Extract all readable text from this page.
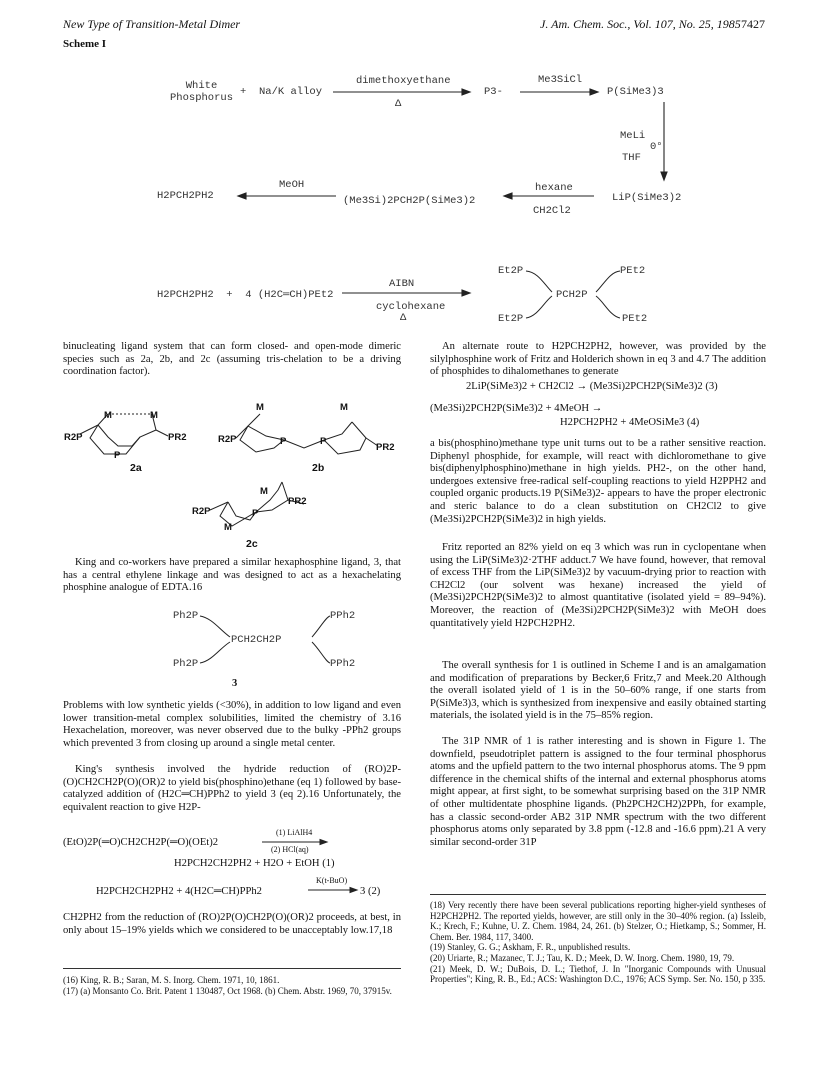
New Type of Transition-Metal Dimer	J. Am. Chem. Soc., Vol. 107, No. 25, 1985 7427
Scheme I
White
Phosphorus + Na/K alloy
dimethoxyethane
Δ
P3-
Me3SiCl
P(SiMe3)3
MeLi
0°
THF
H2PCH2PH2
MeOH
(Me3Si)2PCH2P(SiMe3)2
hexane
CH2Cl2
LiP(SiMe3)2
H2PCH2PH2  +  4 (H2C═CH)PEt2
AIBN
cyclohexane
Δ
Et2P
Et2P
PCH2P
PEt2
PEt2
binucleating ligand system that can form closed- and open-mode dimeric species such as 2a, 2b, and 2c (assuming tris-chelation to be a driving coordination factor).
R2P
M	M
PR2
P
R2P
M	M
P	P
PR2
R2P
M
PR2
M
P
2a	2b
2c
King and co-workers have prepared a similar hexaphosphine ligand, 3, that has a central ethylene linkage and was designed to act as a hexachelating phosphine analogue of EDTA.16
Ph2P
Ph2P
PCH2CH2P
PPh2
PPh2
3
Problems with low synthetic yields (<30%), in addition to low ligand and even lower transition-metal complex solubilities, limited the chemistry of 3.16 Hexachelation, moreover, was never observed due to the bulky -PPh2 groups which prevented 3 from closing up around a single metal center.
King's synthesis involved the hydride reduction of (RO)2P-(O)CH2CH2P(O)(OR)2 to yield bis(phosphino)ethane (eq 1) followed by base-catalyzed addition of (H2C═CH)PPh2 to yield 3 (eq 2).16 Unfortunately, the equivalent reaction to give H2P-
(EtO)2P(═O)CH2CH2P(═O)(OEt)2
(1) LiAlH4
(2) HCl(aq)
H2PCH2CH2PH2 + H2O + EtOH (1)
H2PCH2CH2PH2 + 4(H2C═CH)PPh2
K(t-BuO)
3 (2)
CH2PH2 from the reduction of (RO)2P(O)CH2P(O)(OR)2 proceeds, at best, in only about 15–19% yields which we considered to be unacceptably low.17,18

(16) King, R. B.; Saran, M. S. Inorg. Chem. 1971, 10, 1861.

(17) (a) Monsanto Co. Brit. Patent 1 130487, Oct 1968. (b) Chem. Abstr. 1969, 70, 37915v.

An alternate route to H2PCH2PH2, however, was provided by the silylphosphine work of Fritz and Holderich shown in eq 3 and 4.7 The addition of phosphides to dihalomethanes to generate
2LiP(SiMe3)2 + CH2Cl2 → (Me3Si)2PCH2P(SiMe3)2 (3)
(Me3Si)2PCH2P(SiMe3)2 + 4MeOH →
H2PCH2PH2 + 4MeOSiMe3 (4)
a bis(phosphino)methane type unit turns out to be a rather sensitive reaction. Diphenyl phosphide, for example, will react with dichloromethane to give bis(diphenylphosphino)methane in high yields. PH2-, on the other hand, undergoes extensive free-radical self-coupling reactions to yield H2PPH2 and coupled organic products.19 P(SiMe3)2- appears to have the proper electronic and steric balance to do a clean substitution on CH2Cl2 to give (Me3Si)2PCH2P(SiMe3)2 in high yields.
Fritz reported an 82% yield on eq 3 which was run in cyclopentane when using the LiP(SiMe3)2·2THF adduct.7 We have found, however, that removal of excess THF from the LiP(SiMe3)2 by vacuum-drying prior to reaction with CH2Cl2 (our solvent was hexane) increased the yield of (Me3Si)2PCH2P(SiMe3)2 to almost quantitative (isolated yield = 89–94%). Moreover, the reaction of (Me3Si)2PCH2P(SiMe3)2 with MeOH does quantitatively yield H2PCH2PH2.
The overall synthesis for 1 is outlined in Scheme I and is an amalgamation and modification of preparations by Becker,6 Fritz,7 and Meek.20 Although the overall isolated yield of 1 is in the 50–60% range, if one starts from P(SiMe3)3, which is synthesized from inexpensive and easily obtained starting materials, the isolated yield is in the 75–85% region.
The 31P NMR of 1 is rather interesting and is shown in Figure 1. The downfield, pseudotriplet pattern is assigned to the four terminal phosphorus atoms and the upfield pattern to the two internal phosphorus atoms. The 9 ppm difference in the chemical shifts of the internal and external phosphorus atoms might appear, at first sight, to be somewhat surprising based on the 31P NMR of other multidentate phosphine ligands. (Ph2PCH2CH2)2PPh, for example, has a classic second-order AB2 31P NMR spectrum with the two different phosphorus atoms only separated by 3.8 ppm (-12.8 and -16.6 ppm).21 A very similar second-order 31P

(18) Very recently there have been several publications reporting higher-yield syntheses of H2PCH2PH2. The reported yields, however, are still only in the 30–40% region. (a) Issleib, K.; Krech, F.; Kuhne, U. Z. Chem. 1984, 24, 261. (b) Stelzer, O.; Hietkamp, S.; Sommer, H. Chem. Ber. 1984, 117, 3400.

(19) Stanley, G. G.; Askham, F. R., unpublished results.

(20) Uriarte, R.; Mazanec, T. J.; Tau, K. D.; Meek, D. W. Inorg. Chem. 1980, 19, 79.

(21) Meek, D. W.; DuBois, D. L.; Tiethof, J. In "Inorganic Compounds with Unusual Properties"; King, R. B., Ed.; ACS: Washington D.C., 1976; ACS Symp. Ser. No. 150, p 335.
